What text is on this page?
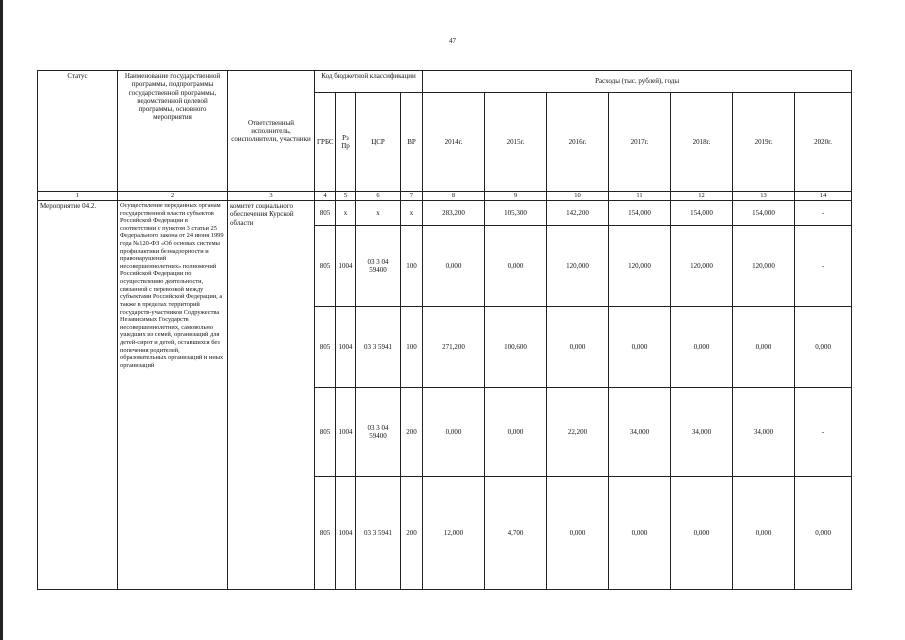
47
Статус	Наименование государственной программы, подпрограммы государственной программы, ведомственной целевой программы, основного мероприятия	Ответственный исполнитель, соисполнители, участники	Код бюджетной классификации				Расходы (тыс. рублей), годы						
			ГРБС	Рз Пр	ЦСР	ВР	2014г.	2015г.	2016г.	2017г.	2018г.	2019г.	2020г.
1	2	3	4	5	6	7	8	9	10	11	12	13	14
Мероприятие 04.2.	Осуществление переданных органам государственной власти субъектов Российской Федерации в соответствии с пунктом 3 статьи 25 Федерального закона от 24 июня 1999 года №120-ФЗ «Об основах системы профилактики безнадзорности и правонарушений несовершеннолетних» полномочий Российской Федерации по осуществлению деятельности, связанной с перевозкой между субъектами Российской Федерации, а также в пределах территорий государств-участников Содружества Независимых Государств несовершеннолетних, самовольно ушедших из семей, организаций для детей-сирот и детей, оставшихся без попечения родителей, образовательных организаций и иных организаций	комитет социального обеспечения Курской области	805	x	x	x	283,200	105,300	142,200	154,000	154,000	154,000	-
			805	1004	03 3 04 59400	100	0,000	0,000	120,000	120,000	120,000	120,000	-
			805	1004	03 3 5941	100	271,200	100,600	0,000	0,000	0,000	0,000	0,000
			805	1004	03 3 04 59400	200	0,000	0,000	22,200	34,000	34,000	34,000	-
			805	1004	03 3 5941	200	12,000	4,700	0,000	0,000	0,000	0,000	0,000
